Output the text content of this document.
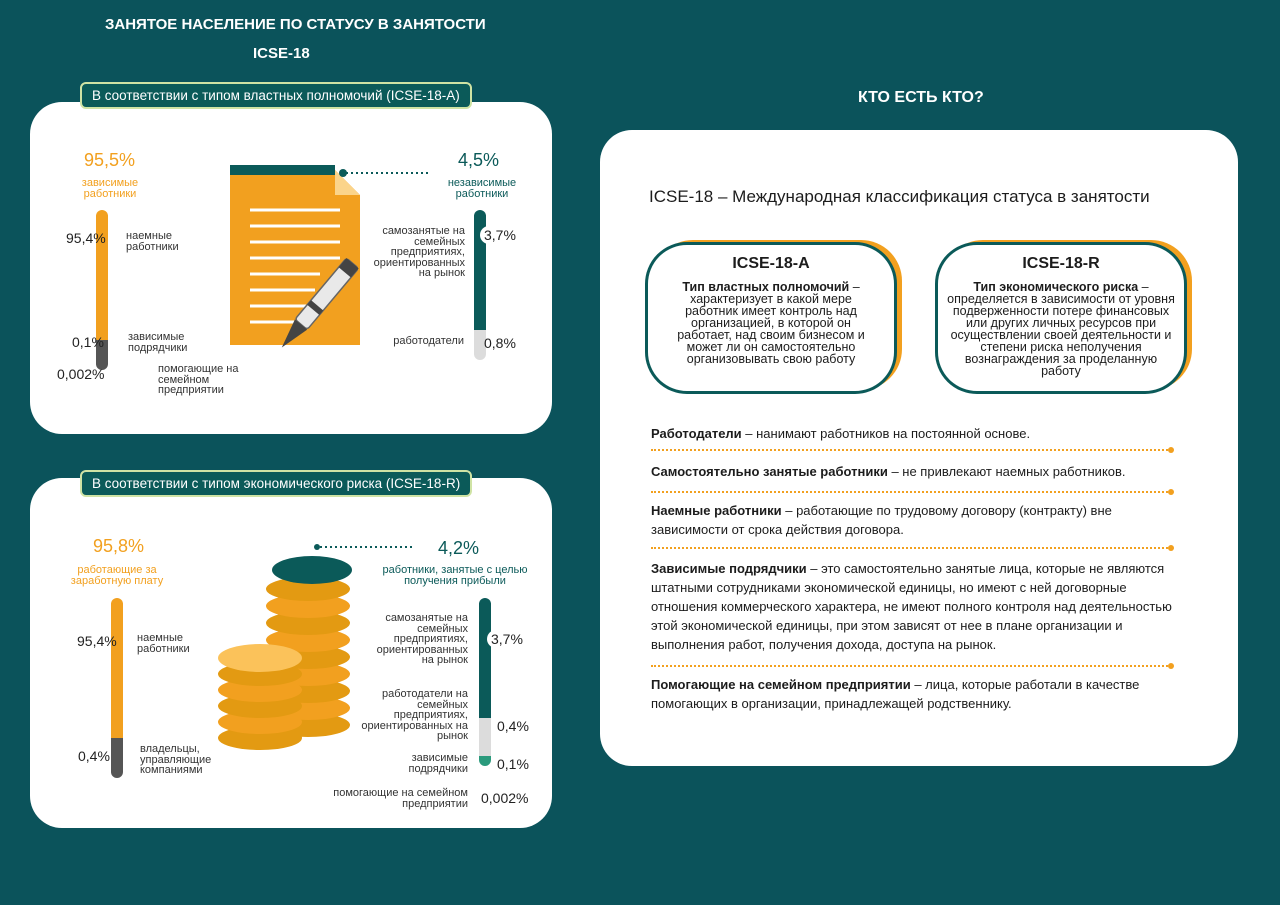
ЗАНЯТОЕ НАСЕЛЕНИЕ ПО СТАТУСУ В ЗАНЯТОСТИ
ICSE-18
КТО ЕСТЬ КТО?
В соответствии с типом властных полномочий (ICSE-18-A)
95,5%
зависимые работники
95,4% наемные работники
0,1% зависимые подрядчики
0,002%	помогающие на семейном предприятии
4,5%
независимые работники
3,7%
самозанятые на семейных предприятиях, ориентированных на рынок
0,8%
работодатели
В соответствии с типом экономического риска (ICSE-18-R)
95,8%
работающие за заработную плату
95,4% наемные работники
0,4%	владельцы, управляющие компаниями
4,2%
работники, занятые с целью получения прибыли
3,7%
самозанятые на семейных предприятиях, ориентированных на рынок
0,4%
работодатели на семейных предприятиях, ориентированных на рынок
0,1%
зависимые подрядчики
0,002%
помогающие на семейном предприятии
ICSE-18 – Международная классификация статуса в занятости
ICSE-18-A
Тип властных полномочий – характеризует в какой мере работник имеет контроль над организацией, в которой он работает, над своим бизнесом и может ли он самостоятельно организовывать свою работу
ICSE-18-R
Тип экономического риска – определяется в зависимости от уровня подверженности потере финансовых или других личных ресурсов при осуществлении своей деятельности и степени риска неполучения вознаграждения за проделанную работу
Работодатели – нанимают работников на постоянной основе.
Самостоятельно занятые работники – не привлекают наемных работников.
Наемные работники – работающие по трудовому договору (контракту) вне зависимости от срока действия договора.
Зависимые подрядчики – это самостоятельно занятые лица, которые не являются штатными сотрудниками экономической единицы, но имеют с ней договорные отношения коммерческого характера, не имеют полного контроля над деятельностью этой экономической единицы, при этом зависят от нее в плане организации и выполнения работ, получения дохода, доступа на рынок.
Помогающие на семейном предприятии – лица, которые работали в качестве помогающих в организации, принадлежащей родственнику.
